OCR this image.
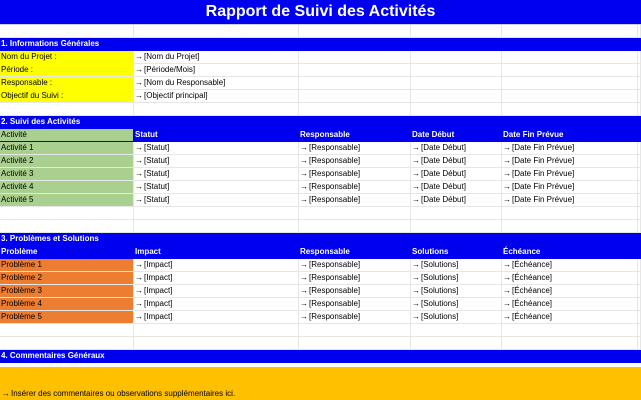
Rapport de Suivi des Activités
1. Informations Générales
Nom du Projet :	→[Nom du Projet]
Période :	→[Période/Mois]
Responsable :	→[Nom du Responsable]
Objectif du Suivi :	→[Objectif principal]
2. Suivi des Activités
Activité	Statut	Responsable	Date Début	Date Fin Prévue
Activité 1	→[Statut]	→[Responsable]	→[Date Début]	→[Date Fin Prévue]
Activité 2	→[Statut]	→[Responsable]	→[Date Début]	→[Date Fin Prévue]
Activité 3	→[Statut]	→[Responsable]	→[Date Début]	→[Date Fin Prévue]
Activité 4	→[Statut]	→[Responsable]	→[Date Début]	→[Date Fin Prévue]
Activité 5	→[Statut]	→[Responsable]	→[Date Début]	→[Date Fin Prévue]
3. Problèmes et Solutions
Problème	Impact	Responsable	Solutions	Échéance
Problème 1	→[Impact]	→[Responsable]	→[Solutions]	→[Échéance]
Problème 2	→[Impact]	→[Responsable]	→[Solutions]	→[Échéance]
Problème 3	→[Impact]	→[Responsable]	→[Solutions]	→[Échéance]
Problème 4	→[Impact]	→[Responsable]	→[Solutions]	→[Échéance]
Problème 5	→[Impact]	→[Responsable]	→[Solutions]	→[Échéance]
4. Commentaires Généraux
→Insérer des commentaires ou observations supplémentaires ici.
